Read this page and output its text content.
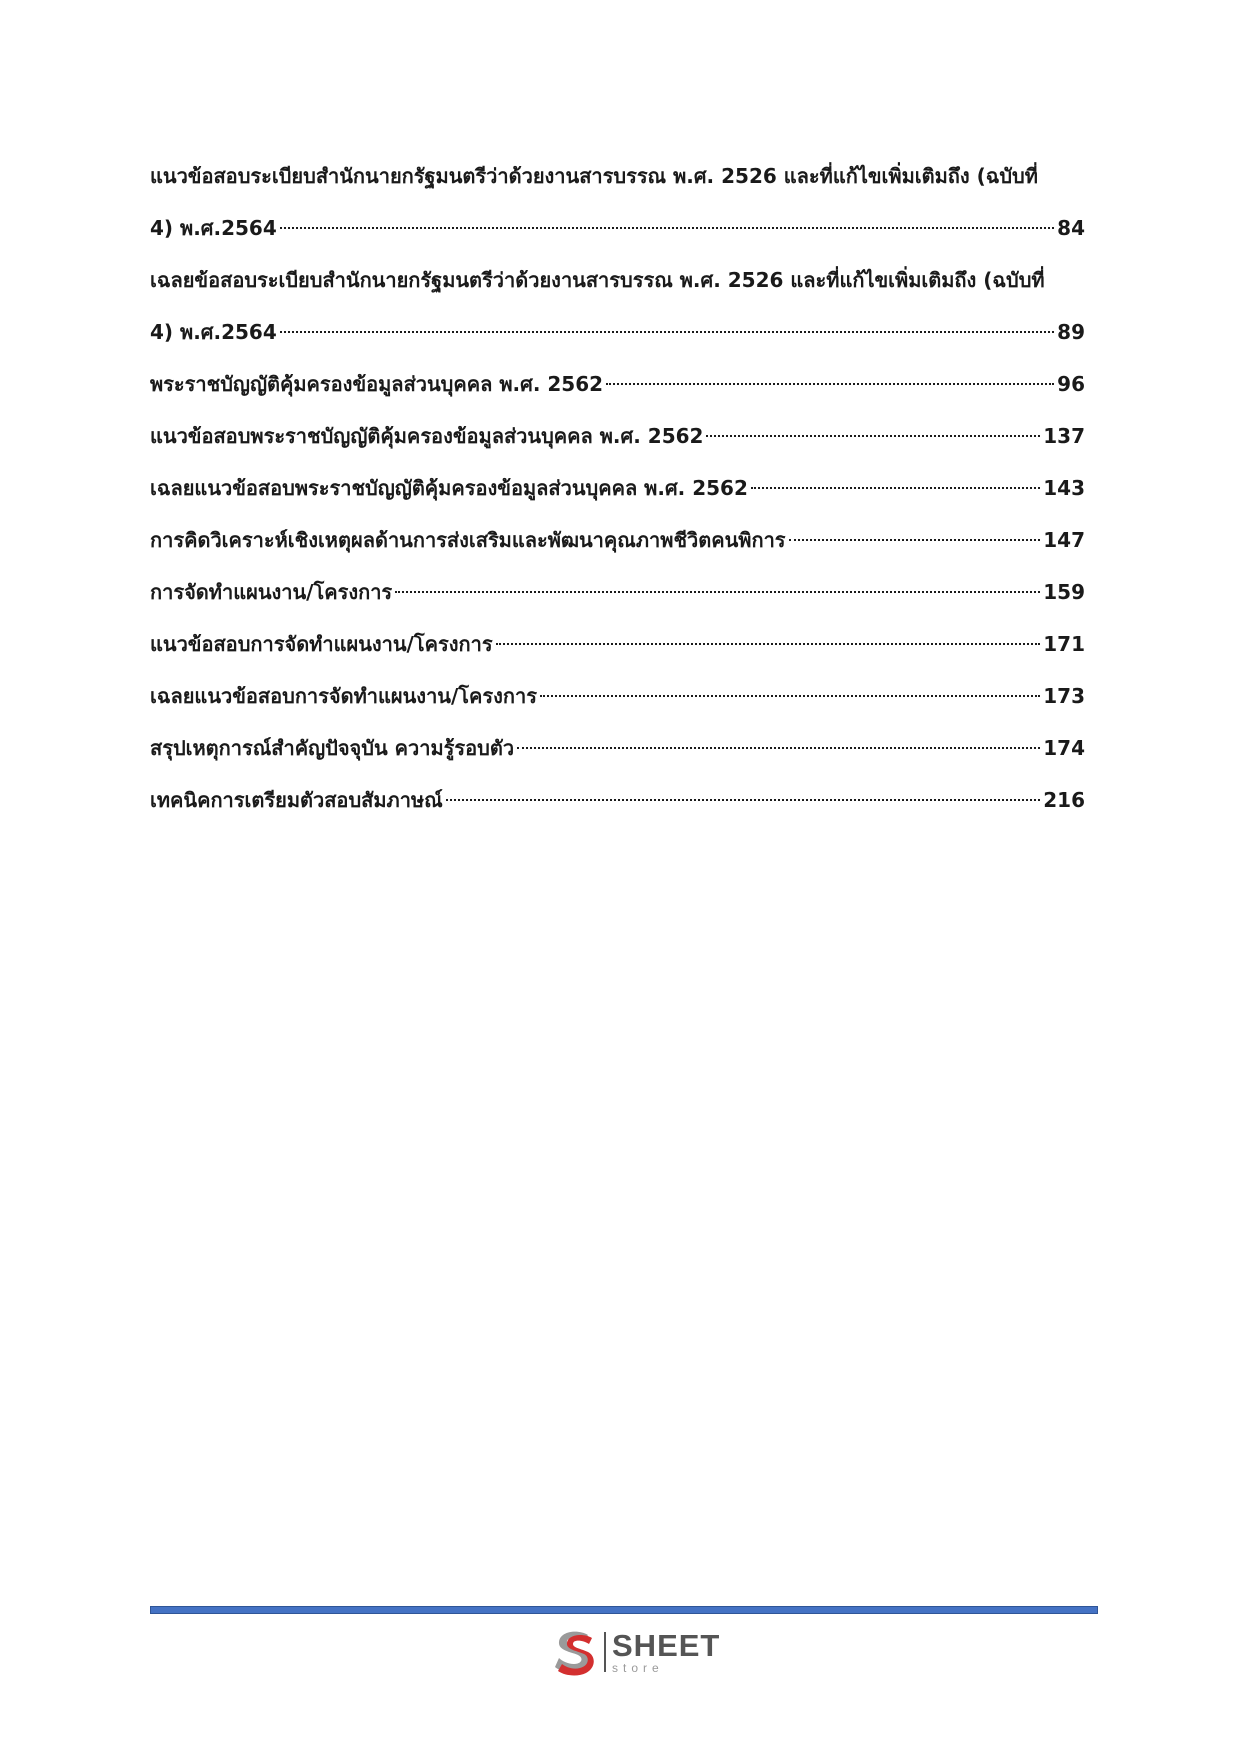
แนวข้อสอบระเบียบสำนักนายกรัฐมนตรีว่าด้วยงานสารบรรณ พ.ศ. 2526 และที่แก้ไขเพิ่มเติมถึง (ฉบับที่
4) พ.ศ.2564	84
เฉลยข้อสอบระเบียบสำนักนายกรัฐมนตรีว่าด้วยงานสารบรรณ พ.ศ. 2526 และที่แก้ไขเพิ่มเติมถึง (ฉบับที่
4) พ.ศ.2564	89
พระราชบัญญัติคุ้มครองข้อมูลส่วนบุคคล พ.ศ. 2562	96
แนวข้อสอบพระราชบัญญัติคุ้มครองข้อมูลส่วนบุคคล พ.ศ. 2562	137
เฉลยแนวข้อสอบพระราชบัญญัติคุ้มครองข้อมูลส่วนบุคคล พ.ศ. 2562	143
การคิดวิเคราะห์เชิงเหตุผลด้านการส่งเสริมและพัฒนาคุณภาพชีวิตคนพิการ	147
การจัดทำแผนงาน/โครงการ	159
แนวข้อสอบการจัดทำแผนงาน/โครงการ	171
เฉลยแนวข้อสอบการจัดทำแผนงาน/โครงการ	173
สรุปเหตุการณ์สำคัญปัจจุบัน ความรู้รอบตัว	174
เทคนิคการเตรียมตัวสอบสัมภาษณ์	216
SHEET
store
